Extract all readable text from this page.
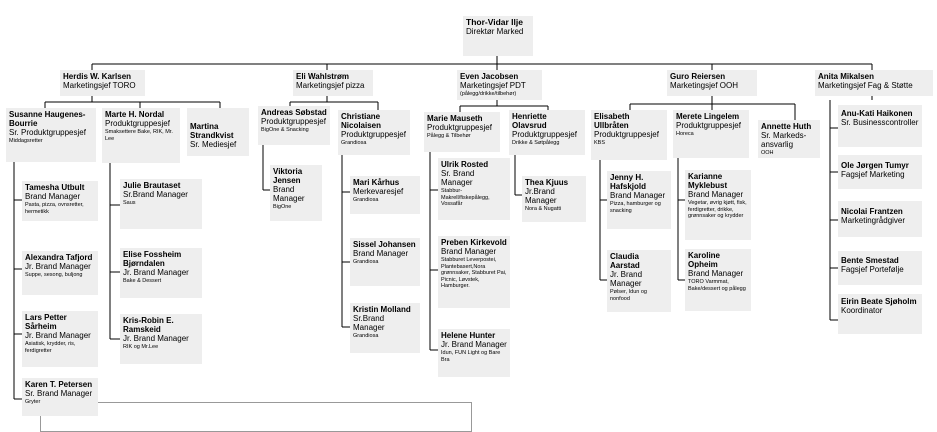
Thor-Vidar Ilje
Direktør Marked
Herdis W. Karlsen
Marketingsjef TORO
Eli Wahlstrøm
Marketingsjef pizza
Even Jacobsen
Marketingsjef PDT
(pålegg/drikke/tilbehør)
Guro Reiersen
Marketingsjef OOH
Anita Mikalsen
Marketingsjef Fag & Støtte
Susanne Haugenes-Bourrie
Sr. Produktgruppesjef
Middagsretter
Marte H. Nordal
Produktgruppesjef
Smaksettere Bake, RIK, Mr. Lee
Martina Strandkvist
Sr. Mediesjef
Andreas Søbstad
Produktgruppesjef
BigOne & Snacking
Christiane Nicolaisen
Produktgruppesjef
Grandiosa
Marie Mauseth
Produktgruppesjef
Pålegg & Tilbehør
Henriette Olavsrud
Produktgruppesjef
Drikke & Søtpålegg
Elisabeth Ullbråten
Produktgruppesjef
KBS
Merete Lingelem
Produktgruppesjef
Horeca
Annette Huth
Sr. Markeds-ansvarlig
OOH
Tamesha Utbult
Brand Manager
Pasta, pizza, ovnsretter, hermetikk
Alexandra Tafjord
Jr. Brand Manager
Suppe, sesong, buljong
Lars Petter Sårheim
Jr. Brand Manager
Asiatisk, krydder, ris, ferdigretter
Karen T. Petersen
Sr. Brand Manager
Gryter
Julie Brautaset
Sr.Brand Manager
Saus
Elise Fossheim Bjørndalen
Jr. Brand Manager
Bake & Dessert
Kris-Robin E. Ramskeid
Jr. Brand Manager
RIK og Mr.Lee
Viktoria Jensen
Brand Manager
BigOne
Mari Kårhus
Merkevaresjef
Grandiosa
Sissel Johansen
Brand Manager
Grandiosa
Kristin Molland
Sr.Brand Manager
Grandiosa
Ulrik Rosted
Sr. Brand Manager
Stabbur-Makrell/fiskepålegg, Vossafår
Preben Kirkevold
Brand Manager
Stabburet Leverpostei, Plantebasert,Nora grønnsaker, Stabburet Pai, Picnic, Løvstek, Hamburger.
Helene Hunter
Jr. Brand Manager
Idun, FUN Light og Bare Bra
Thea Kjuus
Jr.Brand Manager
Nora & Nugatti
Jenny H. Hafskjold
Brand Manager
Pizza, hamburger og snacking
Claudia Aarstad
Jr. Brand Manager
Pølser, Idun og nonfood
Karianne Myklebust
Brand Manager
Vegetar, øvrig kjøtt, fisk, ferdigretter, drikke, grønnsaker og krydder
Karoline Opheim
Brand Manager
TORO Varmmat, Bake/dessert og pålegg
Anu-Kati Haikonen
Sr. Businesscontroller
Ole Jørgen Tumyr
Fagsjef Marketing
Nicolai Frantzen
Marketingrådgiver
Bente Smestad
Fagsjef Portefølje
Eirin Beate Sjøholm
Koordinator
